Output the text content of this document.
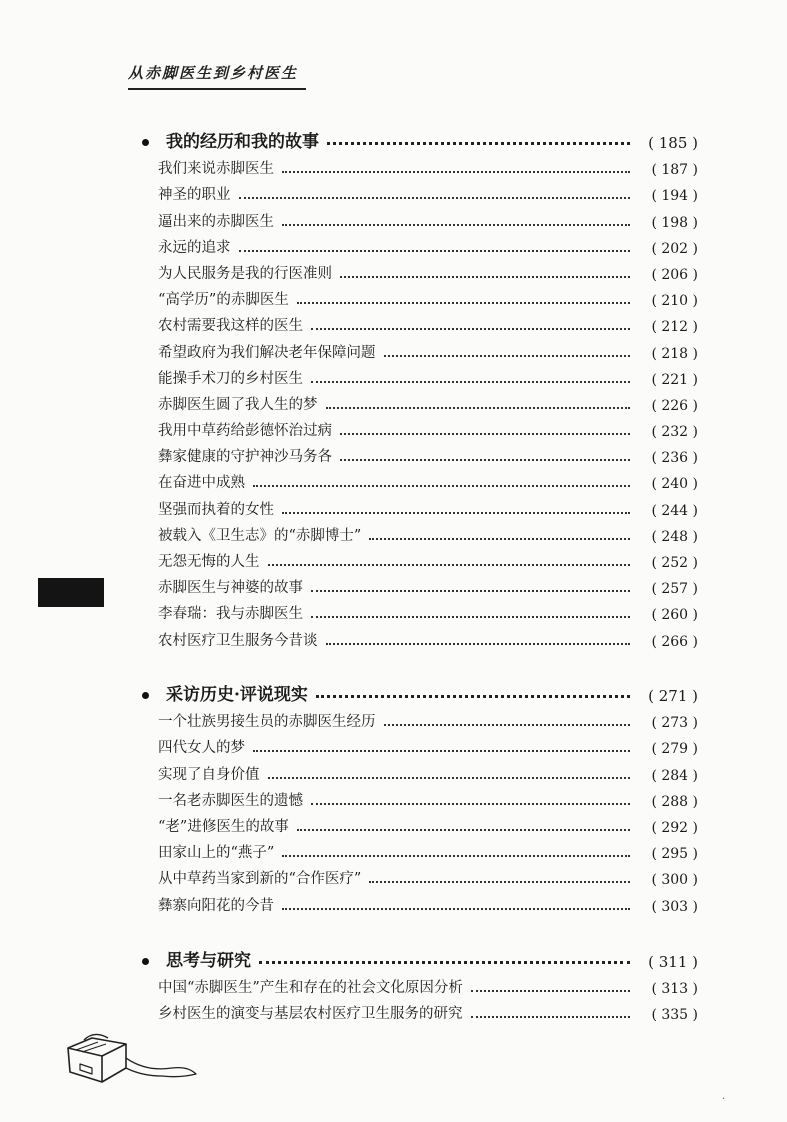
从赤脚医生到乡村医生
我的经历和我的故事	( 185 )
我们来说赤脚医生	( 187 )
神圣的职业	( 194 )
逼出来的赤脚医生	( 198 )
永远的追求	( 202 )
为人民服务是我的行医准则	( 206 )
“高学历”的赤脚医生	( 210 )
农村需要我这样的医生	( 212 )
希望政府为我们解决老年保障问题	( 218 )
能操手术刀的乡村医生	( 221 )
赤脚医生圆了我人生的梦	( 226 )
我用中草药给彭德怀治过病	( 232 )
彝家健康的守护神沙马务各	( 236 )
在奋进中成熟	( 240 )
坚强而执着的女性	( 244 )
被载入《卫生志》的“赤脚博士”	( 248 )
无怨无悔的人生	( 252 )
赤脚医生与神婆的故事	( 257 )
李春瑞：我与赤脚医生	( 260 )
农村医疗卫生服务今昔谈	( 266 )
采访历史·评说现实	( 271 )
一个壮族男接生员的赤脚医生经历	( 273 )
四代女人的梦	( 279 )
实现了自身价值	( 284 )
一名老赤脚医生的遗憾	( 288 )
“老”进修医生的故事	( 292 )
田家山上的“燕子”	( 295 )
从中草药当家到新的“合作医疗”	( 300 )
彝寨向阳花的今昔	( 303 )
思考与研究	( 311 )
中国“赤脚医生”产生和存在的社会文化原因分析	( 313 )
乡村医生的演变与基层农村医疗卫生服务的研究	( 335 )
·
